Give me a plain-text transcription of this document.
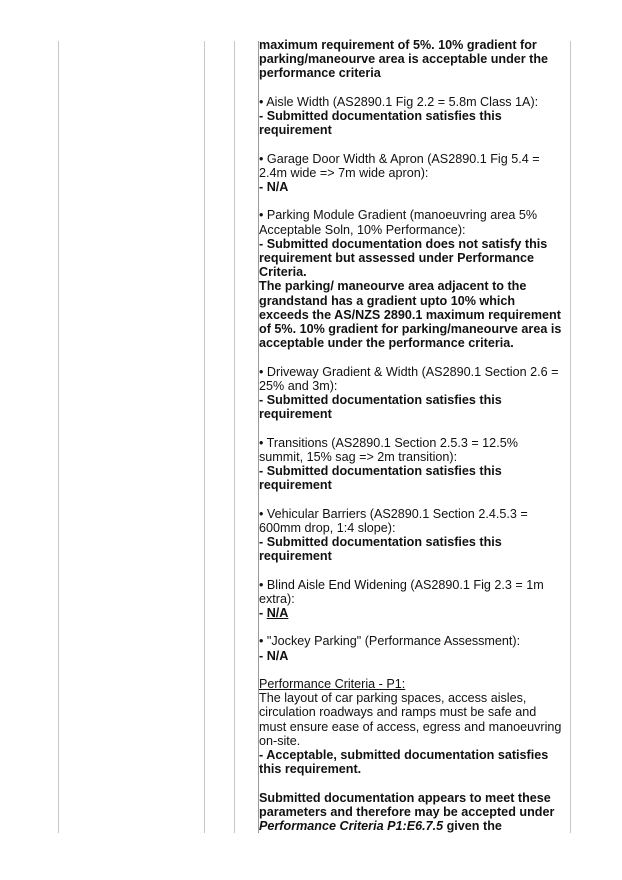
maximum requirement of 5%. 10% gradient for parking/maneourve area is acceptable under the performance criteria

• Aisle Width (AS2890.1 Fig 2.2 = 5.8m Class 1A):
- Submitted documentation satisfies this requirement

• Garage Door Width & Apron (AS2890.1 Fig 5.4 = 2.4m wide => 7m wide apron):
- N/A

• Parking Module Gradient (manoeuvring area 5% Acceptable Soln, 10% Performance):
- Submitted documentation does not satisfy this requirement but assessed under Performance Criteria.
The parking/ maneourve area adjacent to the grandstand has a gradient upto 10% which exceeds the AS/NZS 2890.1 maximum requirement of 5%. 10% gradient for parking/maneourve area is acceptable under the performance criteria.

• Driveway Gradient & Width (AS2890.1 Section 2.6 = 25% and 3m):
- Submitted documentation satisfies this requirement

• Transitions (AS2890.1 Section 2.5.3 = 12.5% summit, 15% sag => 2m transition):
- Submitted documentation satisfies this requirement

• Vehicular Barriers (AS2890.1 Section 2.4.5.3 = 600mm drop, 1:4 slope):
- Submitted documentation satisfies this requirement

• Blind Aisle End Widening (AS2890.1 Fig 2.3 = 1m extra):
- N/A

• "Jockey Parking" (Performance Assessment):
- N/A

Performance Criteria - P1:
The layout of car parking spaces, access aisles, circulation roadways and ramps must be safe and must ensure ease of access, egress and manoeuvring on-site.
- Acceptable, submitted documentation satisfies this requirement.

Submitted documentation appears to meet these parameters and therefore may be accepted under Performance Criteria P1:E6.7.5 given the
